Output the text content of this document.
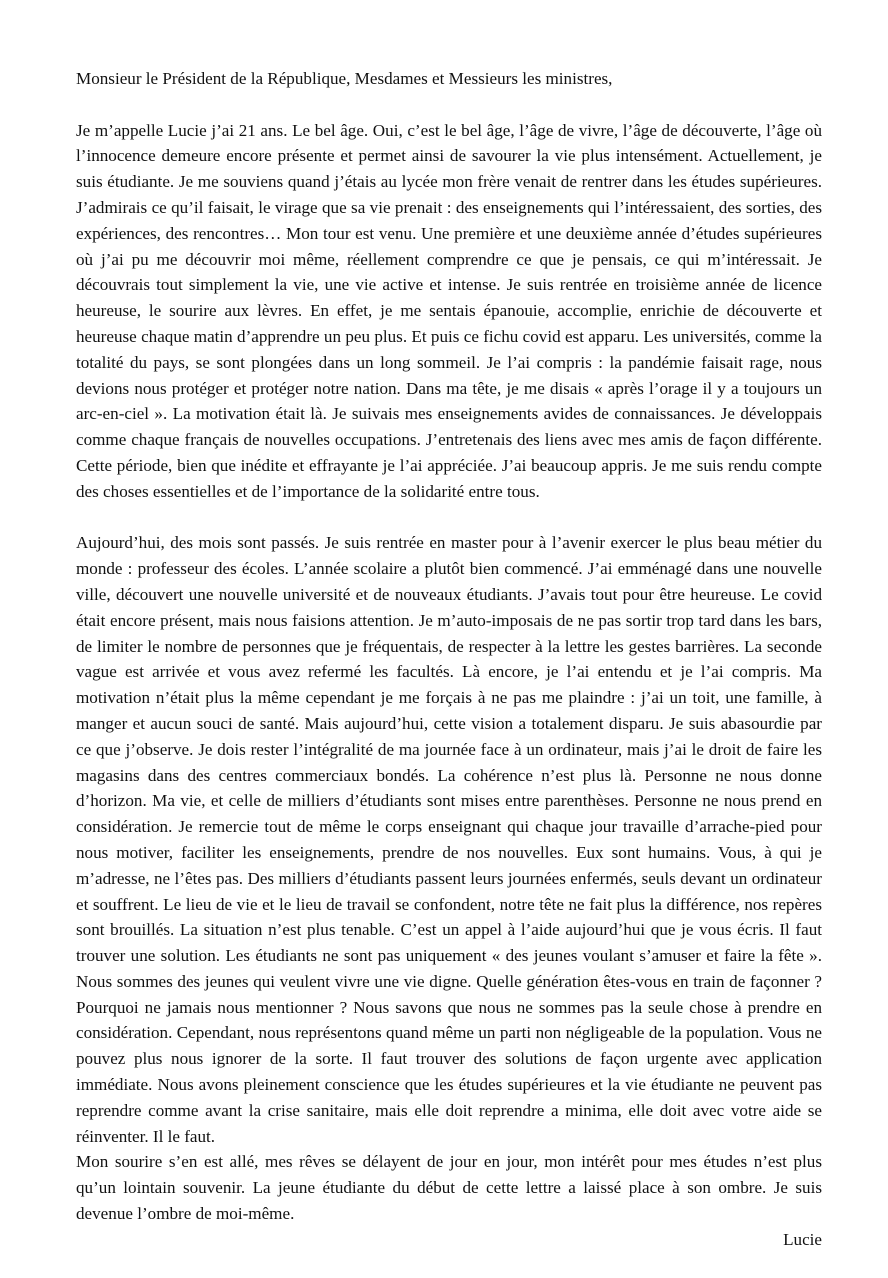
Monsieur le Président de la République, Mesdames et Messieurs les ministres,

Je m’appelle Lucie j’ai 21 ans. Le bel âge. Oui, c’est le bel âge, l’âge de vivre, l’âge de découverte, l’âge où l’innocence demeure encore présente et permet ainsi de savourer la vie plus intensément. Actuellement, je suis étudiante. Je me souviens quand j’étais au lycée mon frère venait de rentrer dans les études supérieures. J’admirais ce qu’il faisait, le virage que sa vie prenait : des enseignements qui l’intéressaient, des sorties, des expériences, des rencontres… Mon tour est venu. Une première et une deuxième année d’études supérieures où j’ai pu me découvrir moi même, réellement comprendre ce que je pensais, ce qui m’intéressait. Je découvrais tout simplement la vie, une vie active et intense. Je suis rentrée en troisième année de licence heureuse, le sourire aux lèvres. En effet, je me sentais épanouie, accomplie, enrichie de découverte et heureuse chaque matin d’apprendre un peu plus. Et puis ce fichu covid est apparu. Les universités, comme la totalité du pays, se sont plongées dans un long sommeil. Je l’ai compris : la pandémie faisait rage, nous devions nous protéger et protéger notre nation. Dans ma tête, je me disais « après l’orage il y a toujours un arc-en-ciel ». La motivation était là. Je suivais mes enseignements avides de connaissances. Je développais comme chaque français de nouvelles occupations. J’entretenais des liens avec mes amis de façon différente. Cette période, bien que inédite et effrayante je l’ai appréciée. J’ai beaucoup appris. Je me suis rendu compte des choses essentielles et de l’importance de la solidarité entre tous.

Aujourd’hui, des mois sont passés. Je suis rentrée en master pour à l’avenir exercer le plus beau métier du monde : professeur des écoles. L’année scolaire a plutôt bien commencé. J’ai emménagé dans une nouvelle ville, découvert une nouvelle université et de nouveaux étudiants. J’avais tout pour être heureuse. Le covid était encore présent, mais nous faisions attention. Je m’auto-imposais de ne pas sortir trop tard dans les bars, de limiter le nombre de personnes que je fréquentais, de respecter à la lettre les gestes barrières. La seconde vague est arrivée et vous avez refermé les facultés. Là encore, je l’ai entendu et je l’ai compris. Ma motivation n’était plus la même cependant je me forçais à ne pas me plaindre : j’ai un toit, une famille, à manger et aucun souci de santé. Mais aujourd’hui, cette vision a totalement disparu. Je suis abasourdie par ce que j’observe. Je dois rester l’intégralité de ma journée face à un ordinateur, mais j’ai le droit de faire les magasins dans des centres commerciaux bondés. La cohérence n’est plus là. Personne ne nous donne d’horizon. Ma vie, et celle de milliers d’étudiants sont mises entre parenthèses. Personne ne nous prend en considération. Je remercie tout de même le corps enseignant qui chaque jour travaille d’arrache-pied pour nous motiver, faciliter les enseignements, prendre de nos nouvelles. Eux sont humains. Vous, à qui je m’adresse, ne l’êtes pas. Des milliers d’étudiants passent leurs journées enfermés, seuls devant un ordinateur et souffrent. Le lieu de vie et le lieu de travail se confondent, notre tête ne fait plus la différence, nos repères sont brouillés. La situation n’est plus tenable. C’est un appel à l’aide aujourd’hui que je vous écris. Il faut trouver une solution. Les étudiants ne sont pas uniquement « des jeunes voulant s’amuser et faire la fête ». Nous sommes des jeunes qui veulent vivre une vie digne. Quelle génération êtes-vous en train de façonner ? Pourquoi ne jamais nous mentionner ? Nous savons que nous ne sommes pas la seule chose à prendre en considération. Cependant, nous représentons quand même un parti non négligeable de la population. Vous ne pouvez plus nous ignorer de la sorte. Il faut trouver des solutions de façon urgente avec application immédiate. Nous avons pleinement conscience que les études supérieures et la vie étudiante ne peuvent pas reprendre comme avant la crise sanitaire, mais elle doit reprendre a minima, elle doit avec votre aide se réinventer. Il le faut.

Mon sourire s’en est allé, mes rêves se délayent de jour en jour, mon intérêt pour mes études n’est plus qu’un lointain souvenir. La jeune étudiante du début de cette lettre a laissé place à son ombre. Je suis devenue l’ombre de moi-même.

Lucie
